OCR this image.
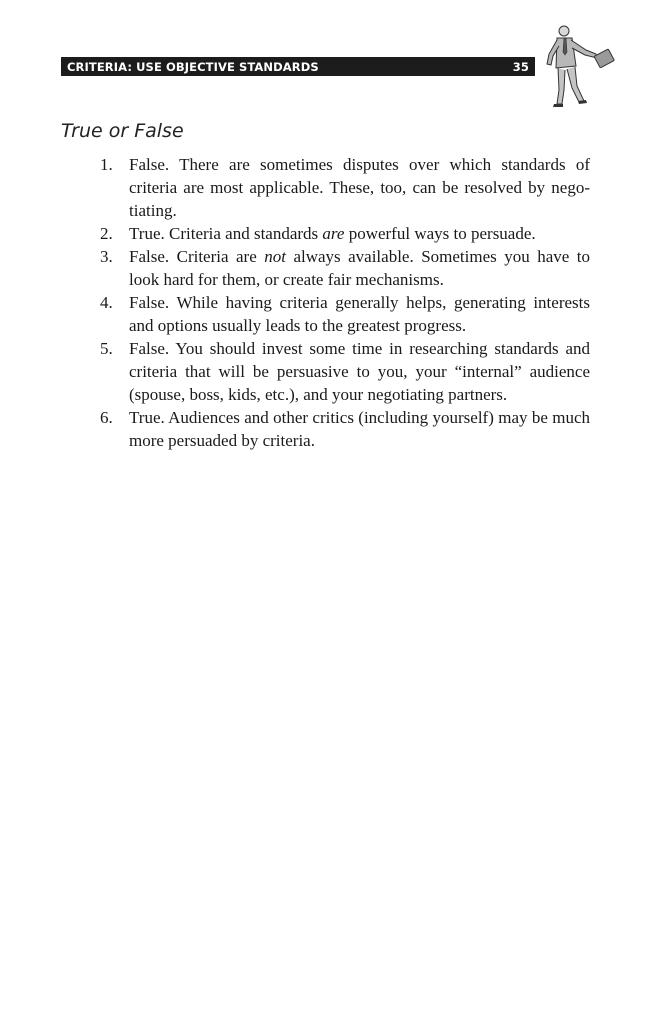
CRITERIA: USE OBJECTIVE STANDARDS	35
True or False
1. False. There are sometimes disputes over which standards of criteria are most applicable. These, too, can be resolved by negotiating.
2. True. Criteria and standards are powerful ways to persuade.
3. False. Criteria are not always available. Sometimes you have to look hard for them, or create fair mechanisms.
4. False. While having criteria generally helps, generating interests and options usually leads to the greatest progress.
5. False. You should invest some time in researching standards and criteria that will be persuasive to you, your “internal” audience (spouse, boss, kids, etc.), and your negotiating partners.
6. True. Audiences and other critics (including yourself) may be much more persuaded by criteria.
